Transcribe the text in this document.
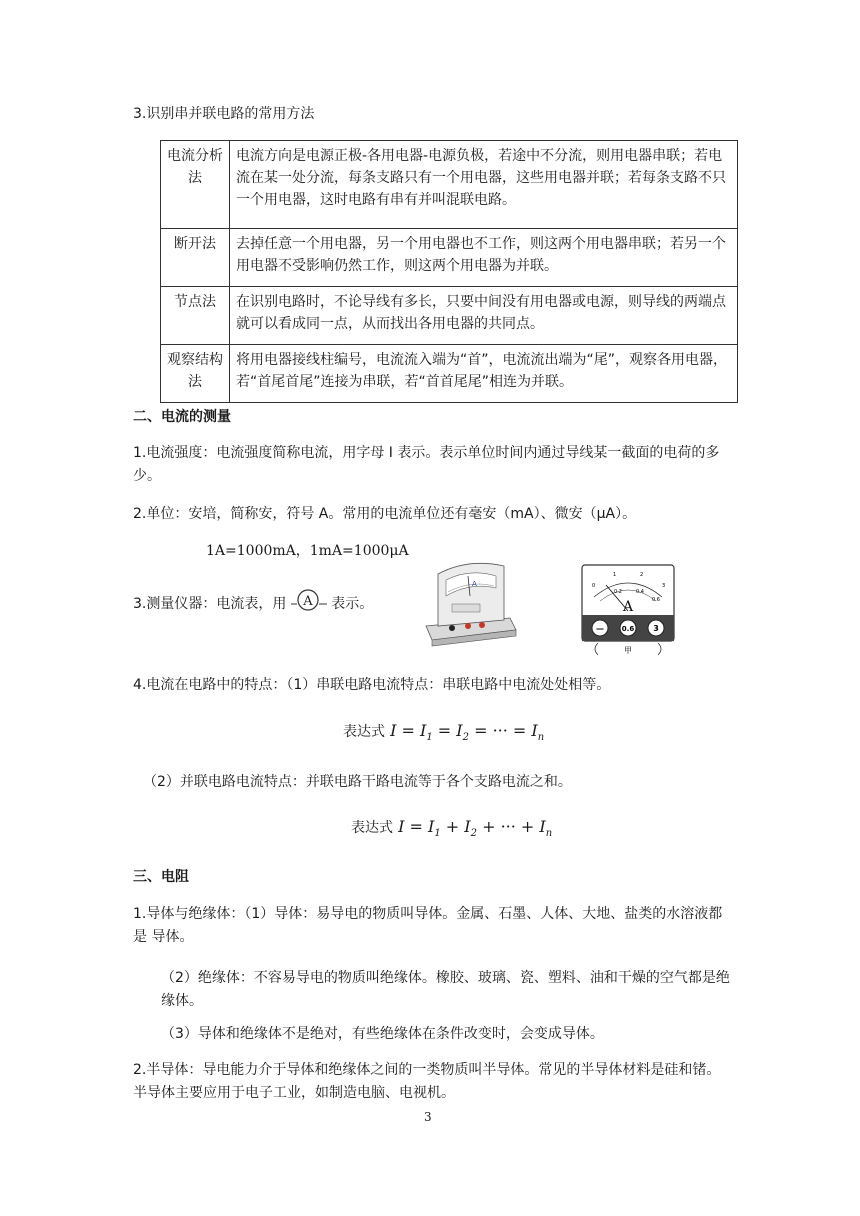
3.识别串并联电路的常用方法
电流分析法	电流方向是电源正极-各用电器-电源负极，若途中不分流，则用电器串联；若电流在某一处分流，每条支路只有一个用电器，这些用电器并联；若每条支路不只一个用电器，这时电路有串有并叫混联电路。
断开法	去掉任意一个用电器，另一个用电器也不工作，则这两个用电器串联；若另一个用电器不受影响仍然工作，则这两个用电器为并联。
节点法	在识别电路时，不论导线有多长，只要中间没有用电器或电源，则导线的两端点就可以看成同一点，从而找出各用电器的共同点。
观察结构法	将用电器接线柱编号，电流流入端为“首”，电流流出端为“尾”，观察各用电器，若“首尾首尾”连接为串联，若“首首尾尾”相连为并联。
二、电流的测量
1.电流强度：电流强度简称电流，用字母 I 表示。表示单位时间内通过导线某一截面的电荷的多少。
2.单位：安培，简称安，符号 A。常用的电流单位还有毫安（mA）、微安（μA）。
1A=1000mA，1mA=1000μA
3.测量仪器：电流表，用 A 表示。
A	0
1	2
3
0.2	0.4
0.6
A
—	0.6 3
甲
4.电流在电路中的特点：（1）串联电路电流特点：串联电路中电流处处相等。
表达式 $I = I_1 = I_2$ = ··· = $I_n$
（2）并联电路电流特点：并联电路干路电流等于各个支路电流之和。
表达式 $I = I_1 + I_2$ + ··· + $I_n$
三、电阻
1.导体与绝缘体：（1）导体：易导电的物质叫导体。金属、石墨、人体、大地、盐类的水溶液都是 导体。
（2）绝缘体：不容易导电的物质叫绝缘体。橡胶、玻璃、瓷、塑料、油和干燥的空气都是绝缘体。
（3）导体和绝缘体不是绝对，有些绝缘体在条件改变时，会变成导体。
2.半导体：导电能力介于导体和绝缘体之间的一类物质叫半导体。常见的半导体材料是硅和锗。半导体主要应用于电子工业，如制造电脑、电视机。
3
